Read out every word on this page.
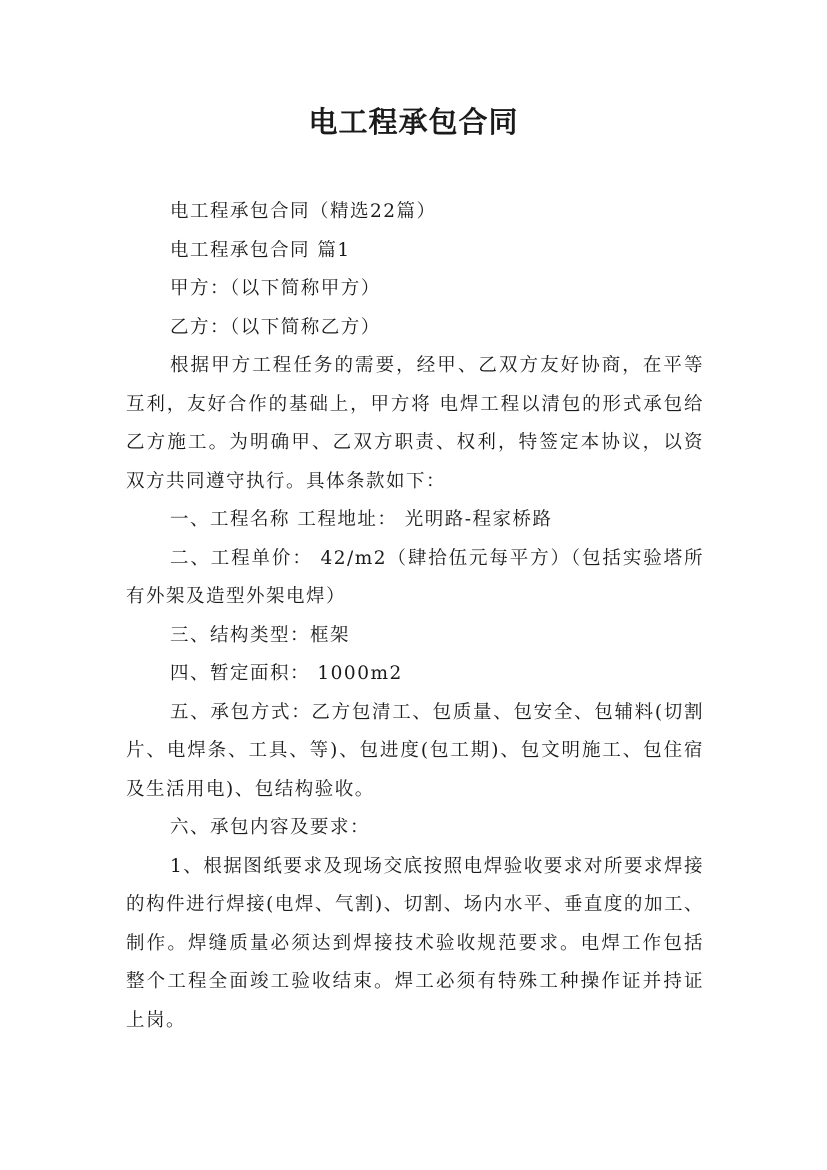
电工程承包合同

电工程承包合同（精选22篇）

电工程承包合同 篇1

甲方：（以下简称甲方）

乙方：（以下简称乙方）

根据甲方工程任务的需要，经甲、乙双方友好协商，在平等互利，友好合作的基础上，甲方将 电焊工程以清包的形式承包给乙方施工。为明确甲、乙双方职责、权利，特签定本协议，以资双方共同遵守执行。具体条款如下：

一、工程名称 工程地址： 光明路-程家桥路

二、工程单价： 42/m2（肆拾伍元每平方）（包括实验塔所有外架及造型外架电焊）

三、结构类型：框架

四、暂定面积： 1000m2

五、承包方式：乙方包清工、包质量、包安全、包辅料(切割片、电焊条、工具、等)、包进度(包工期)、包文明施工、包住宿及生活用电)、包结构验收。

六、承包内容及要求：

1、根据图纸要求及现场交底按照电焊验收要求对所要求焊接的构件进行焊接(电焊、气割)、切割、场内水平、垂直度的加工、制作。焊缝质量必须达到焊接技术验收规范要求。电焊工作包括整个工程全面竣工验收结束。焊工必须有特殊工种操作证并持证上岗。
